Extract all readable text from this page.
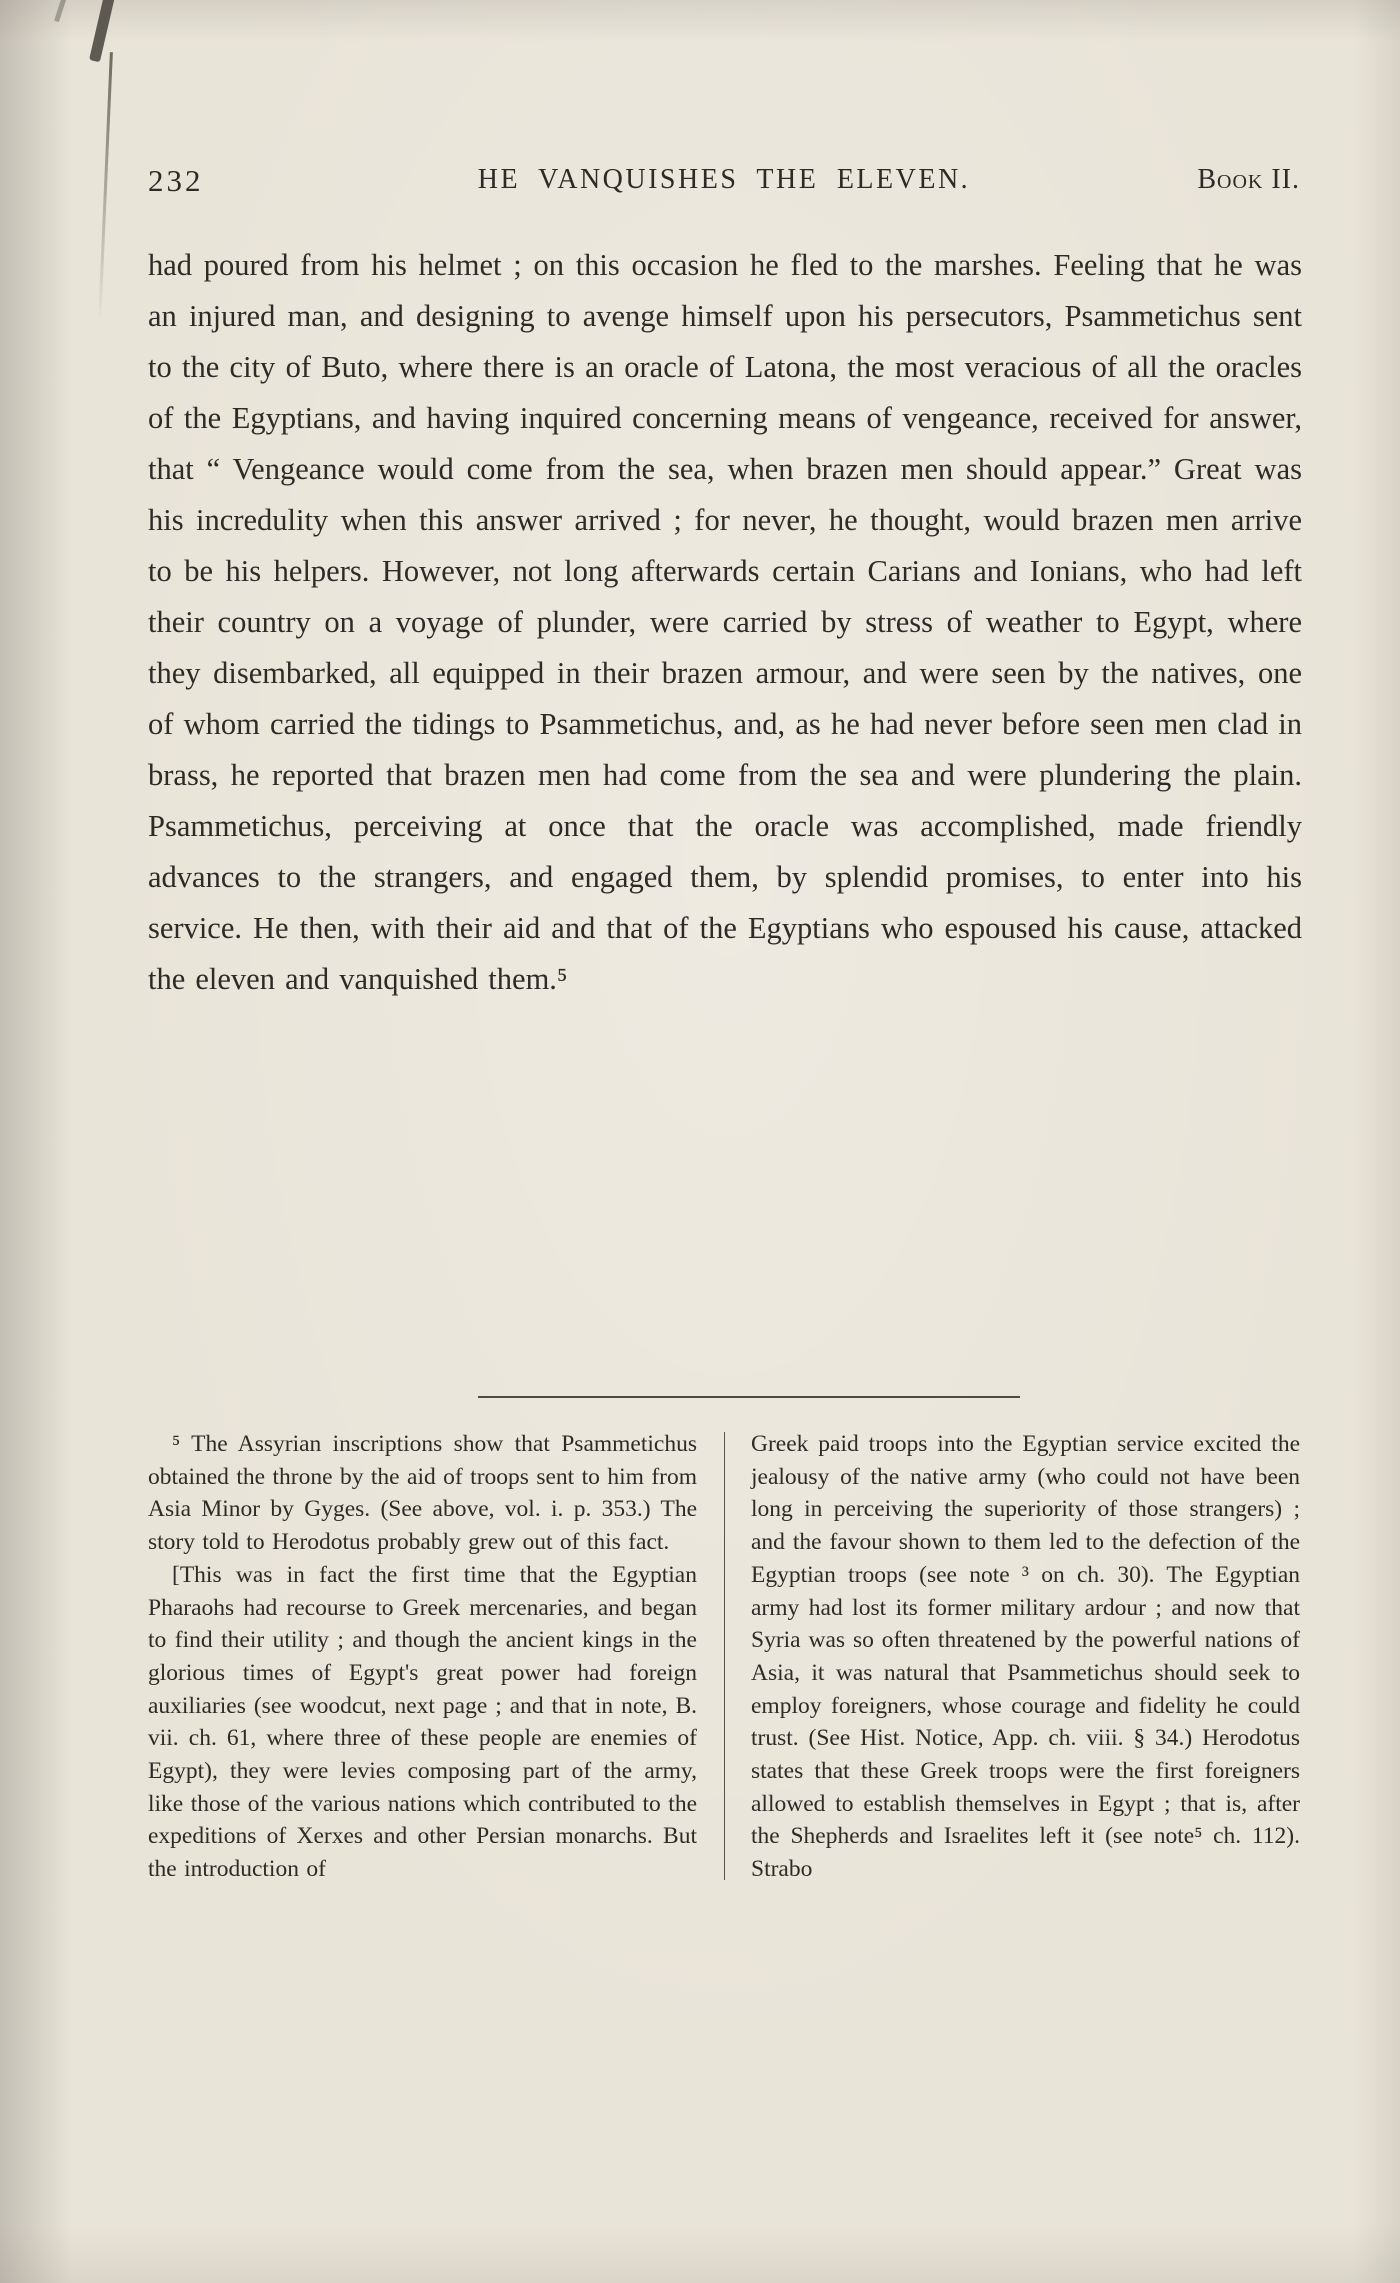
232	HE VANQUISHES THE ELEVEN.	Book II.

had poured from his helmet ; on this occasion he fled to the marshes. Feeling that he was an injured man, and designing to avenge himself upon his persecutors, Psammetichus sent to the city of Buto, where there is an oracle of Latona, the most veracious of all the oracles of the Egyptians, and having inquired concerning means of vengeance, received for answer, that “ Vengeance would come from the sea, when brazen men should appear.” Great was his incredulity when this answer arrived ; for never, he thought, would brazen men arrive to be his helpers. However, not long afterwards certain Carians and Ionians, who had left their country on a voyage of plunder, were carried by stress of weather to Egypt, where they disembarked, all equipped in their brazen armour, and were seen by the natives, one of whom carried the tidings to Psammetichus, and, as he had never before seen men clad in brass, he reported that brazen men had come from the sea and were plundering the plain. Psammetichus, perceiving at once that the oracle was accomplished, made friendly advances to the strangers, and engaged them, by splendid promises, to enter into his service. He then, with their aid and that of the Egyptians who espoused his cause, attacked the eleven and vanquished them.⁵

⁵ The Assyrian inscriptions show that Psammetichus obtained the throne by the aid of troops sent to him from Asia Minor by Gyges. (See above, vol. i. p. 353.) The story told to Herodotus probably grew out of this fact.

[This was in fact the first time that the Egyptian Pharaohs had recourse to Greek mercenaries, and began to find their utility ; and though the ancient kings in the glorious times of Egypt's great power had foreign auxiliaries (see woodcut, next page ; and that in note, B. vii. ch. 61, where three of these people are enemies of Egypt), they were levies composing part of the army, like those of the various nations which contributed to the expeditions of Xerxes and other Persian monarchs. But the introduction of

Greek paid troops into the Egyptian service excited the jealousy of the native army (who could not have been long in perceiving the superiority of those strangers) ; and the favour shown to them led to the defection of the Egyptian troops (see note ³ on ch. 30). The Egyptian army had lost its former military ardour ; and now that Syria was so often threatened by the powerful nations of Asia, it was natural that Psammetichus should seek to employ foreigners, whose courage and fidelity he could trust. (See Hist. Notice, App. ch. viii. § 34.) Herodotus states that these Greek troops were the first foreigners allowed to establish themselves in Egypt ; that is, after the Shepherds and Israelites left it (see note⁵ ch. 112). Strabo
